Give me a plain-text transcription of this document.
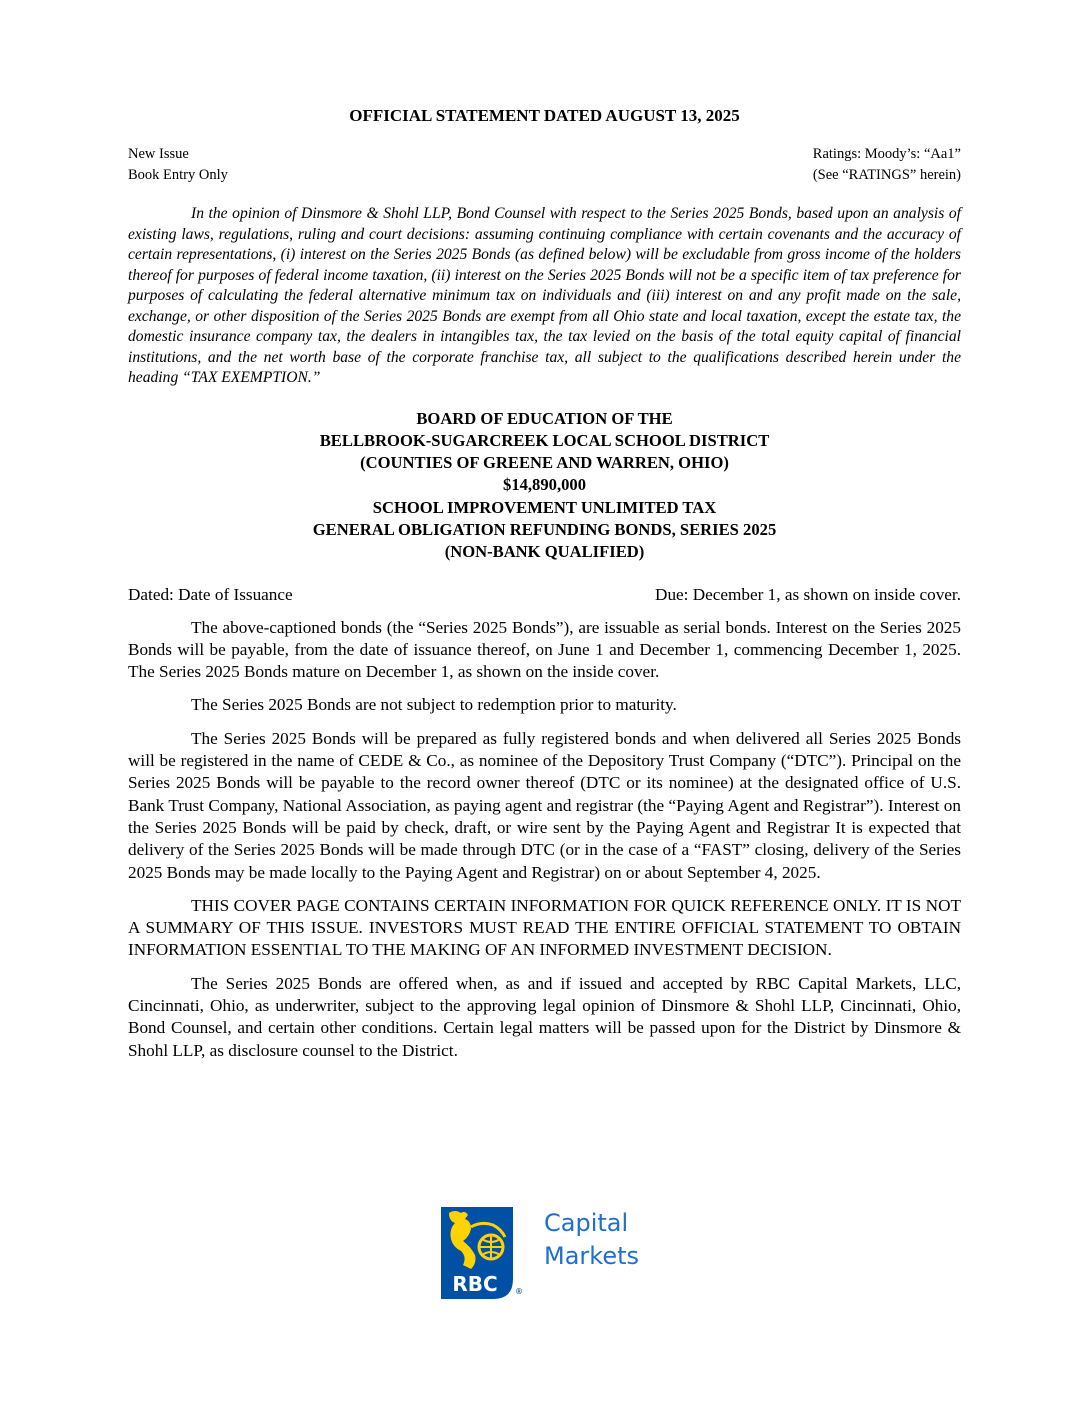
OFFICIAL STATEMENT DATED AUGUST 13, 2025
New Issue
Book Entry Only
Ratings: Moody’s: “Aa1”
(See “RATINGS” herein)
In the opinion of Dinsmore & Shohl LLP, Bond Counsel with respect to the Series 2025 Bonds, based upon an analysis of existing laws, regulations, ruling and court decisions: assuming continuing compliance with certain covenants and the accuracy of certain representations, (i) interest on the Series 2025 Bonds (as defined below) will be excludable from gross income of the holders thereof for purposes of federal income taxation, (ii) interest on the Series 2025 Bonds will not be a specific item of tax preference for purposes of calculating the federal alternative minimum tax on individuals and (iii) interest on and any profit made on the sale, exchange, or other disposition of the Series 2025 Bonds are exempt from all Ohio state and local taxation, except the estate tax, the domestic insurance company tax, the dealers in intangibles tax, the tax levied on the basis of the total equity capital of financial institutions, and the net worth base of the corporate franchise tax, all subject to the qualifications described herein under the heading “TAX EXEMPTION.”
BOARD OF EDUCATION OF THE
BELLBROOK-SUGARCREEK LOCAL SCHOOL DISTRICT
(COUNTIES OF GREENE AND WARREN, OHIO)
$14,890,000
SCHOOL IMPROVEMENT UNLIMITED TAX
GENERAL OBLIGATION REFUNDING BONDS, SERIES 2025
(NON-BANK QUALIFIED)
Dated: Date of Issuance	Due: December 1, as shown on inside cover.
The above-captioned bonds (the “Series 2025 Bonds”), are issuable as serial bonds. Interest on the Series 2025 Bonds will be payable, from the date of issuance thereof, on June 1 and December 1, commencing December 1, 2025. The Series 2025 Bonds mature on December 1, as shown on the inside cover.
The Series 2025 Bonds are not subject to redemption prior to maturity.
The Series 2025 Bonds will be prepared as fully registered bonds and when delivered all Series 2025 Bonds will be registered in the name of CEDE & Co., as nominee of the Depository Trust Company (“DTC”). Principal on the Series 2025 Bonds will be payable to the record owner thereof (DTC or its nominee) at the designated office of U.S. Bank Trust Company, National Association, as paying agent and registrar (the “Paying Agent and Registrar”). Interest on the Series 2025 Bonds will be paid by check, draft, or wire sent by the Paying Agent and Registrar It is expected that delivery of the Series 2025 Bonds will be made through DTC (or in the case of a “FAST” closing, delivery of the Series 2025 Bonds may be made locally to the Paying Agent and Registrar) on or about September 4, 2025.
THIS COVER PAGE CONTAINS CERTAIN INFORMATION FOR QUICK REFERENCE ONLY. IT IS NOT A SUMMARY OF THIS ISSUE. INVESTORS MUST READ THE ENTIRE OFFICIAL STATEMENT TO OBTAIN INFORMATION ESSENTIAL TO THE MAKING OF AN INFORMED INVESTMENT DECISION.
The Series 2025 Bonds are offered when, as and if issued and accepted by RBC Capital Markets, LLC, Cincinnati, Ohio, as underwriter, subject to the approving legal opinion of Dinsmore & Shohl LLP, Cincinnati, Ohio, Bond Counsel, and certain other conditions. Certain legal matters will be passed upon for the District by Dinsmore & Shohl LLP, as disclosure counsel to the District.
RBC ®
Capital
Markets
